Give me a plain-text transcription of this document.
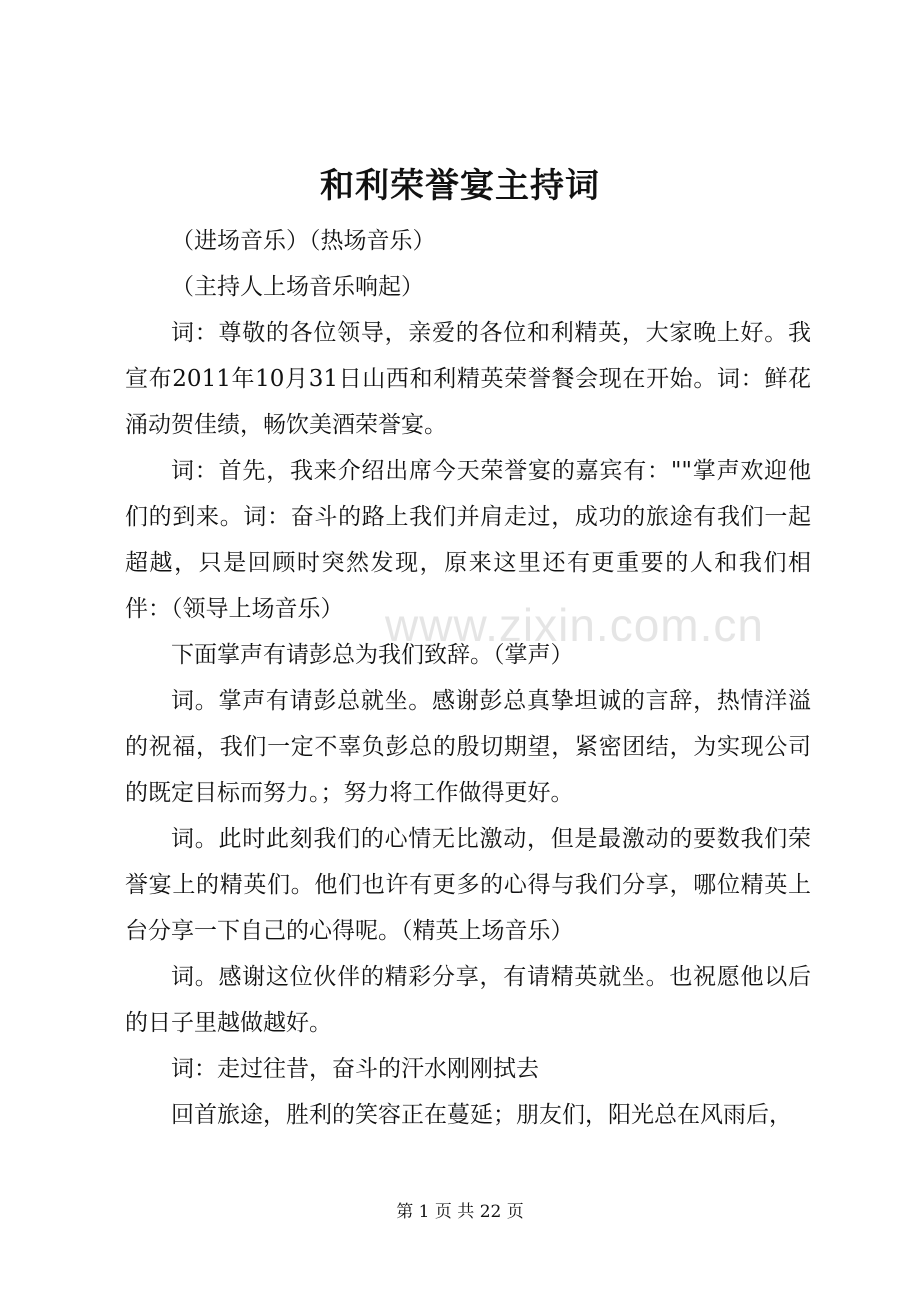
和利荣誉宴主持词

（进场音乐）（热场音乐）

（主持人上场音乐响起）

词：尊敬的各位领导，亲爱的各位和利精英，大家晚上好。我宣布2011年10月31日山西和利精英荣誉餐会现在开始。词：鲜花涌动贺佳绩，畅饮美酒荣誉宴。

词：首先，我来介绍出席今天荣誉宴的嘉宾有：""掌声欢迎他们的到来。词：奋斗的路上我们并肩走过，成功的旅途有我们一起超越，只是回顾时突然发现，原来这里还有更重要的人和我们相伴：（领导上场音乐）

下面掌声有请彭总为我们致辞。（掌声）

词。掌声有请彭总就坐。感谢彭总真挚坦诚的言辞，热情洋溢的祝福，我们一定不辜负彭总的殷切期望，紧密团结，为实现公司的既定目标而努力。；努力将工作做得更好。

词。此时此刻我们的心情无比激动，但是最激动的要数我们荣誉宴上的精英们。他们也许有更多的心得与我们分享，哪位精英上台分享一下自己的心得呢。（精英上场音乐）

词。感谢这位伙伴的精彩分享，有请精英就坐。也祝愿他以后的日子里越做越好。

词：走过往昔，奋斗的汗水刚刚拭去

回首旅途，胜利的笑容正在蔓延；朋友们，阳光总在风雨后，

www.zixin.com.cn
第 1 页 共 22 页
